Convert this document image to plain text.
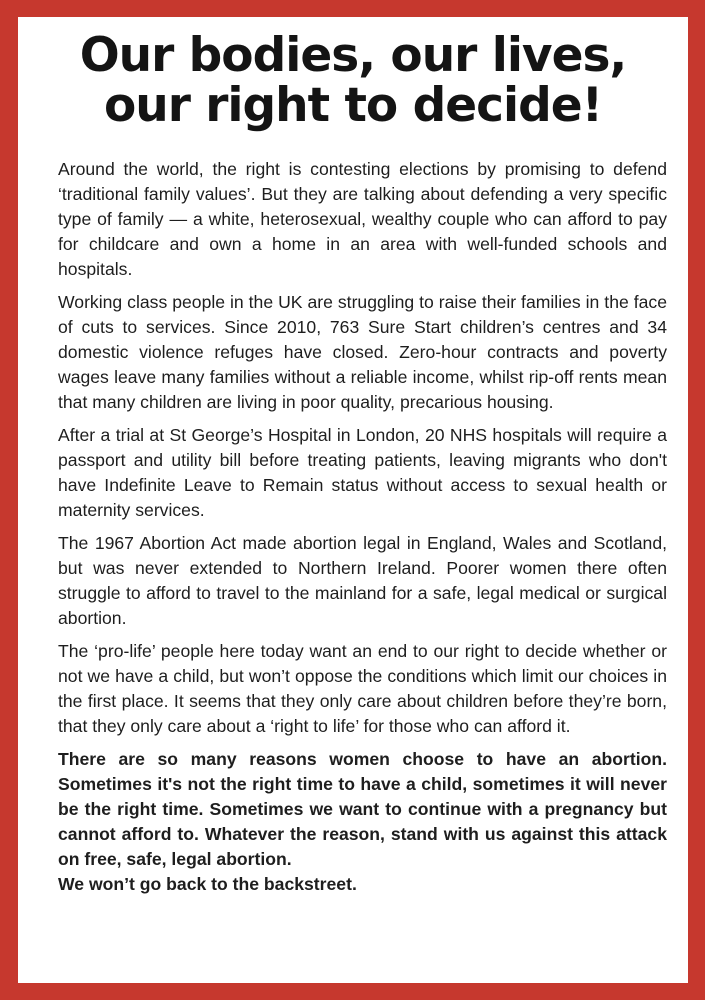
Our bodies, our lives,
our right to decide!

Around the world, the right is contesting elections by promising to defend ‘traditional family values’. But they are talking about defending a very specific type of family — a white, heterosexual, wealthy couple who can afford to pay for childcare and own a home in an area with well-funded schools and hospitals.

Working class people in the UK are struggling to raise their families in the face of cuts to services. Since 2010, 763 Sure Start children’s centres and 34 domestic violence refuges have closed. Zero-hour contracts and poverty wages leave many families without a reliable income, whilst rip-off rents mean that many children are living in poor quality, precarious housing.

After a trial at St George’s Hospital in London, 20 NHS hospitals will require a passport and utility bill before treating patients, leaving migrants who don't have Indefinite Leave to Remain status without access to sexual health or maternity services.

The 1967 Abortion Act made abortion legal in England, Wales and Scotland, but was never extended to Northern Ireland. Poorer women there often struggle to afford to travel to the mainland for a safe, legal medical or surgical abortion.

The ‘pro-life’ people here today want an end to our right to decide whether or not we have a child, but won’t oppose the conditions which limit our choices in the first place. It seems that they only care about children before they’re born, that they only care about a ‘right to life’ for those who can afford it.

There are so many reasons women choose to have an abortion. Sometimes it's not the right time to have a child, sometimes it will never be the right time. Sometimes we want to continue with a pregnancy but cannot afford to. Whatever the reason, stand with us against this attack on free, safe, legal abortion.

We won’t go back to the backstreet.
